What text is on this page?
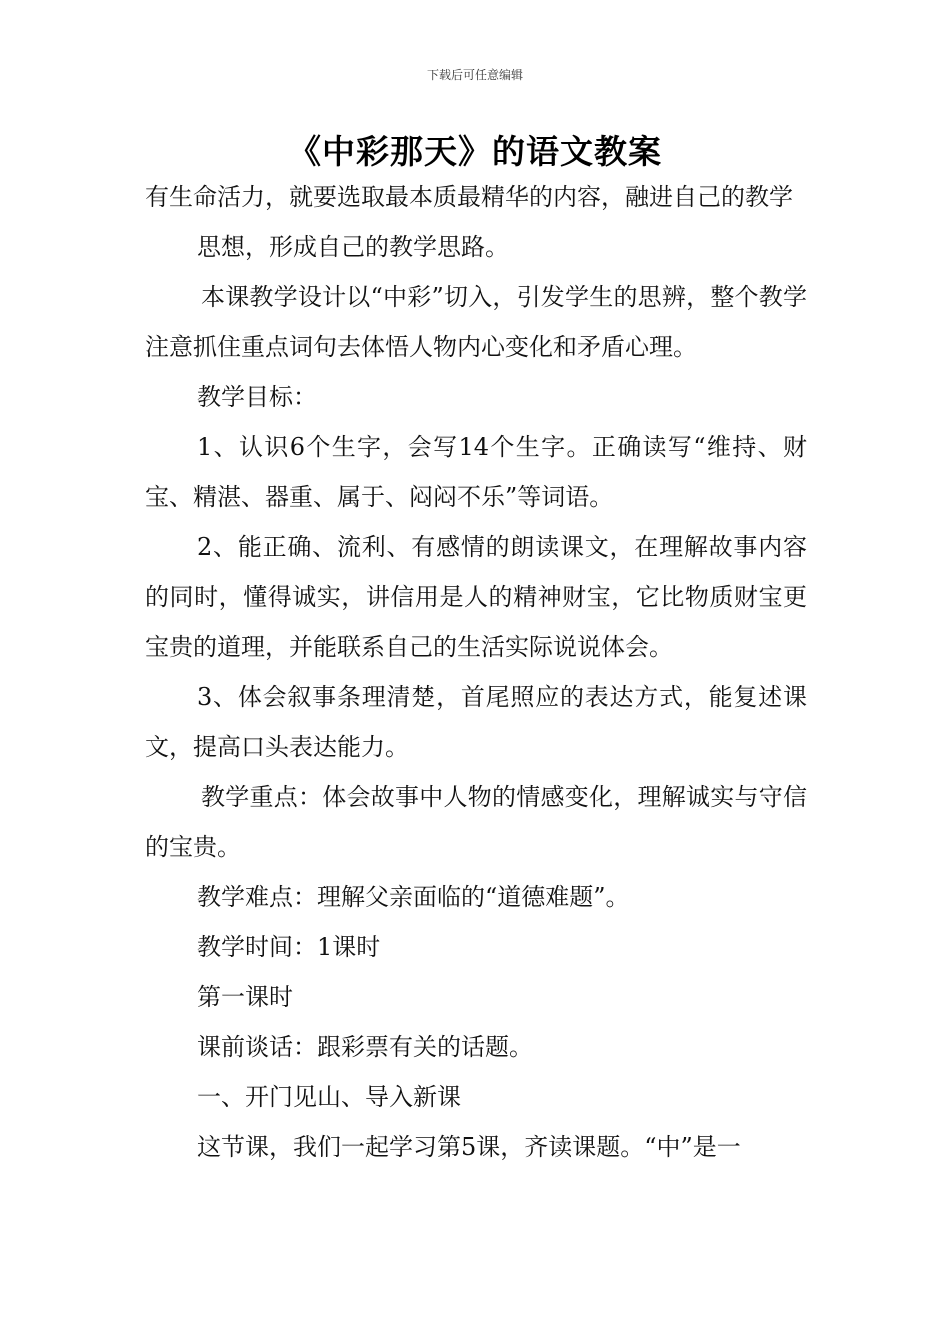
下载后可任意编辑
《中彩那天》的语文教案

有生命活力，就要选取最本质最精华的内容，融进自己的教学

思想，形成自己的教学思路。

本课教学设计以“中彩”切入，引发学生的思辨，整个教学注意抓住重点词句去体悟人物内心变化和矛盾心理。

教学目标：

1、认识6个生字，会写14个生字。正确读写“维持、财宝、精湛、器重、属于、闷闷不乐”等词语。

2、能正确、流利、有感情的朗读课文，在理解故事内容的同时，懂得诚实，讲信用是人的精神财宝，它比物质财宝更宝贵的道理，并能联系自己的生活实际说说体会。

3、体会叙事条理清楚，首尾照应的表达方式，能复述课文，提高口头表达能力。

教学重点：体会故事中人物的情感变化，理解诚实与守信的宝贵。

教学难点：理解父亲面临的“道德难题”。

教学时间：1课时

第一课时

课前谈话：跟彩票有关的话题。

一、开门见山、导入新课

这节课，我们一起学习第5课，齐读课题。“中”是一
